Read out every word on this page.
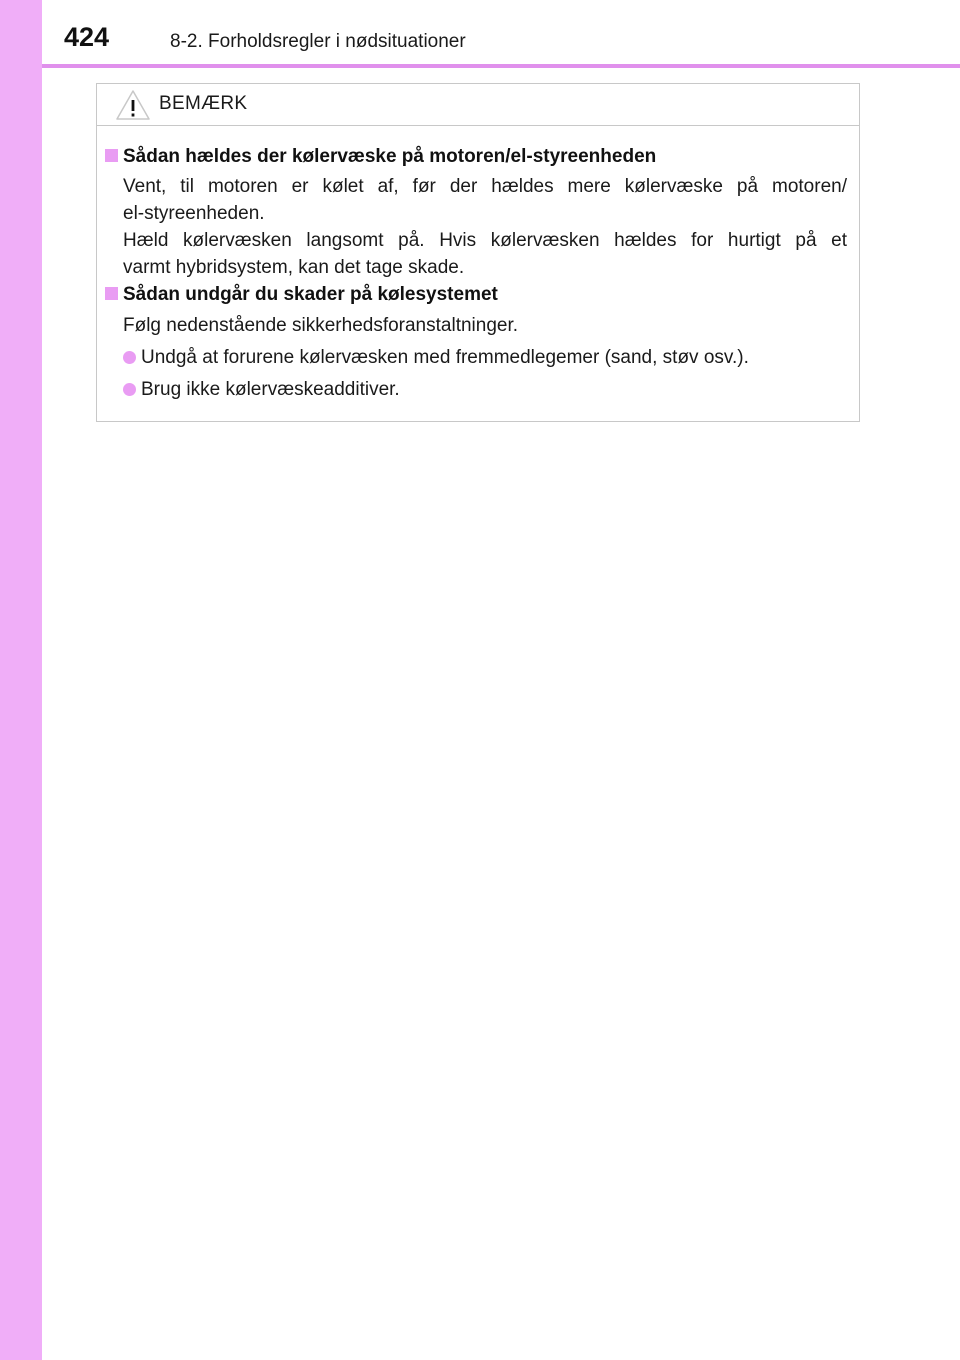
424	8-2. Forholdsregler i nødsituationer
BEMÆRK
Sådan hældes der kølervæske på motoren/el-styreenheden
Vent, til motoren er kølet af, før der hældes mere kølervæske på motoren/
el-styreenheden.
Hæld kølervæsken langsomt på. Hvis kølervæsken hældes for hurtigt på et
varmt hybridsystem, kan det tage skade.
Sådan undgår du skader på kølesystemet
Følg nedenstående sikkerhedsforanstaltninger.
Undgå at forurene kølervæsken med fremmedlegemer (sand, støv osv.).
Brug ikke kølervæskeadditiver.
